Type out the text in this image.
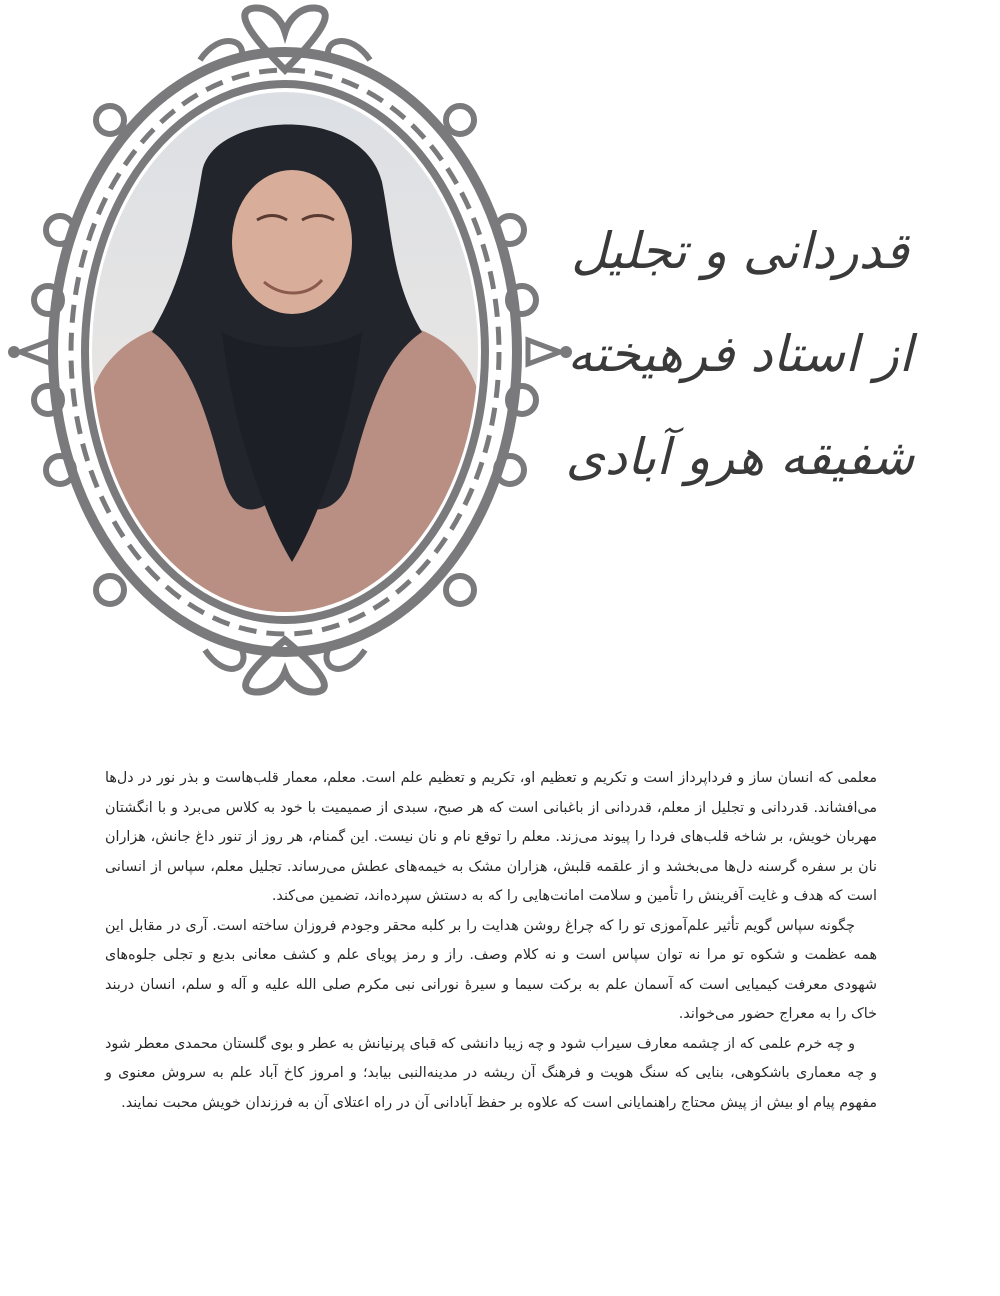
قدردانی و تجلیل
از استاد فرهیخته
شفیقه هرو آبادی

معلمی که انسان ساز و فرداپرداز است و تکریم و تعظیم او، تکریم و تعظیم علم است. معلم، معمار قلب‌هاست و بذر نور در دل‌ها می‌افشاند. قدردانی و تجلیل از معلم، قدردانی از باغبانی است که هر صبح، سبدی از صمیمیت با خود به کلاس می‌برد و با انگشتان مهربان خویش، بر شاخه قلب‌های فردا را پیوند می‌زند. معلم را توقع نام و نان نیست. این گمنام، هر روز از تنور داغ جانش، هزاران نان بر سفره گرسنه دل‌ها می‌بخشد و از علقمه قلبش، هزاران مشک به خیمه‌های عطش می‌رساند. تجلیل معلم، سپاس از انسانی است که هدف و غایت آفرینش را تأمین و سلامت امانت‌هایی را که به دستش سپرده‌اند، تضمین می‌کند.

چگونه سپاس گویم تأثیر علم‌آموزی تو را که چراغ روشن هدایت را بر کلبه محقر وجودم فروزان ساخته است. آری در مقابل این همه عظمت و شکوه تو مرا نه توان سپاس است و نه کلام وصف. راز و رمز پویای علم و کشف معانی بدیع و تجلی جلوه‌های شهودی معرفت کیمیایی است که آسمان علم به برکت سیما و سیرهٔ نورانی نبی مکرم صلی الله علیه و آله و سلم، انسان دربند خاک را به معراج حضور می‌خواند.

و چه خرم علمی که از چشمه معارف سیراب شود و چه زیبا دانشی که قبای پرنیانش به عطر و بوی گلستان محمدی معطر شود و چه معماری باشکوهی، بنایی که سنگ هویت و فرهنگ آن ریشه در مدینه‌النبی بیابد؛ و امروز کاخ آباد علم به سروش معنوی و مفهوم پیام او بیش از پیش محتاج راهنمایانی است که علاوه بر حفظ آبادانی آن در راه اعتلای آن به فرزندان خویش محبت نمایند.
